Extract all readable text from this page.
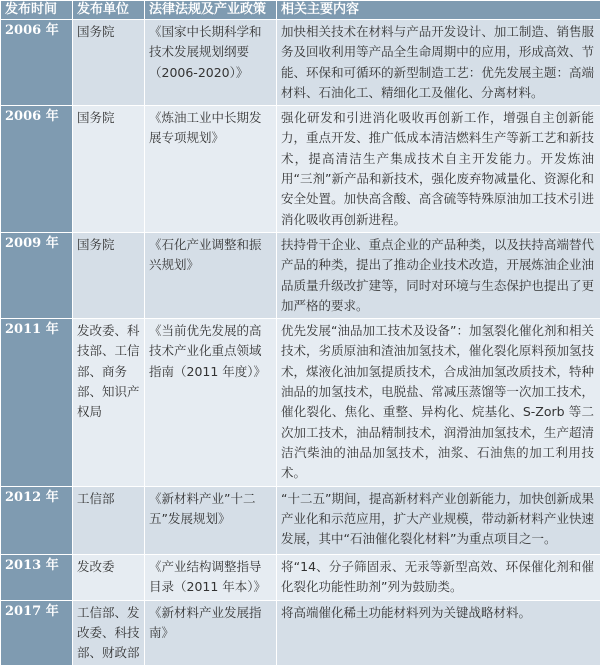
发布时间	发布单位	法律法规及产业政策	相关主要内容
2006 年	国务院	《国家中长期科学和技术发展规划纲要（2006-2020）》	加快相关技术在材料与产品开发设计、加工制造、销售服务及回收利用等产品全生命周期中的应用，形成高效、节能、环保和可循环的新型制造工艺：优先发展主题：高端材料、石油化工、精细化工及催化、分离材料。
2006 年	国务院	《炼油工业中长期发展专项规划》	强化研发和引进消化吸收再创新工作，增强自主创新能力，重点开发、推广低成本清洁燃料生产等新工艺和新技术，提高清洁生产集成技术自主开发能力。开发炼油用“三剂”新产品和新技术，强化废弃物减量化、资源化和安全处置。加快高含酸、高含硫等特殊原油加工技术引进消化吸收再创新进程。
2009 年	国务院	《石化产业调整和振兴规划》	扶持骨干企业、重点企业的产品种类，以及扶持高端替代产品的种类，提出了推动企业技术改造，开展炼油企业油品质量升级改扩建等，同时对环境与生态保护也提出了更加严格的要求。
2011 年	发改委、科技部、工信部、商务部、知识产权局	《当前优先发展的高技术产业化重点领域指南（2011 年度）》	优先发展“油品加工技术及设备”：加氢裂化催化剂和相关技术，劣质原油和渣油加氢技术，催化裂化原料预加氢技术，煤液化油加氢提质技术，合成油加氢改质技术，特种油品的加氢技术，电脱盐、常减压蒸馏等一次加工技术，催化裂化、焦化、重整、异构化、烷基化、S-Zorb 等二次加工技术，油品精制技术，润滑油加氢技术，生产超清洁汽柴油的油品加氢技术，油浆、石油焦的加工利用技术。
2012 年	工信部	《新材料产业”十二五”发展规划》	“十二五”期间，提高新材料产业创新能力，加快创新成果产业化和示范应用，扩大产业规模，带动新材料产业快速发展，其中“石油催化裂化材料”为重点项目之一。
2013 年	发改委	《产业结构调整指导目录（2011 年本）》	将“14、分子筛固汞、无汞等新型高效、环保催化剂和催化裂化功能性助剂”列为鼓励类。
2017 年	工信部、发改委、科技部、财政部	《新材料产业发展指南》	将高端催化稀土功能材料列为关键战略材料。
